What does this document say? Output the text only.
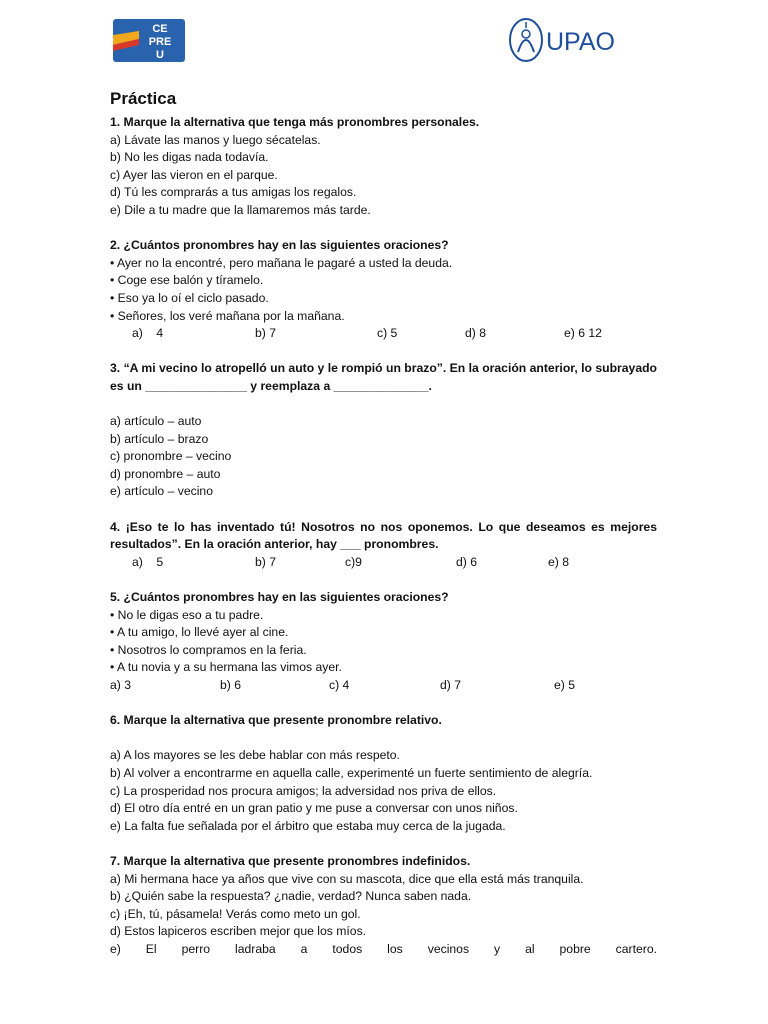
CE
PRE
U	UPAO
Práctica
1. Marque la alternativa que tenga más pronombres personales.
a) Lávate las manos y luego sécatelas.
b) No les digas nada todavía.
c) Ayer las vieron en el parque.
d) Tú les comprarás a tus amigas los regalos.
e) Dile a tu madre que la llamaremos más tarde.
2. ¿Cuántos pronombres hay en las siguientes oraciones?
• Ayer no la encontré, pero mañana le pagaré a usted la deuda.
• Coge ese balón y tíramelo.
• Eso ya lo oí el ciclo pasado.
• Señores, los veré mañana por la mañana.
a)    4	b) 7	c) 5	d) 8	e) 6 12
3. “A mi vecino lo atropelló un auto y le rompió un brazo”. En la oración anterior, lo subrayado es un _______________ y reemplaza a ______________.
a) artículo – auto
b) artículo – brazo
c) pronombre – vecino
d) pronombre – auto
e) artículo – vecino
4. ¡Eso te lo has inventado tú! Nosotros no nos oponemos. Lo que deseamos es mejores resultados”. En la oración anterior, hay ___ pronombres.
a)    5	b) 7	c)9	d) 6	e) 8
5. ¿Cuántos pronombres hay en las siguientes oraciones?
• No le digas eso a tu padre.
• A tu amigo, lo llevé ayer al cine.
• Nosotros lo compramos en la feria.
• A tu novia y a su hermana las vimos ayer.
a) 3	b) 6	c) 4	d) 7	e) 5
6. Marque la alternativa que presente pronombre relativo.
a) A los mayores se les debe hablar con más respeto.
b) Al volver a encontrarme en aquella calle, experimenté un fuerte sentimiento de alegría.
c) La prosperidad nos procura amigos; la adversidad nos priva de ellos.
d) El otro día entré en un gran patio y me puse a conversar con unos niños.
e) La falta fue señalada por el árbitro que estaba muy cerca de la jugada.
7. Marque la alternativa que presente pronombres indefinidos.
a) Mi hermana hace ya años que vive con su mascota, dice que ella está más tranquila.
b) ¿Quién sabe la respuesta? ¿nadie, verdad? Nunca saben nada.
c) ¡Eh, tú, pásamela! Verás como meto un gol.
d) Estos lapiceros escriben mejor que los míos.
e)    El    perro    ladraba    a    todos    los    vecinos    y    al    pobre    cartero.
